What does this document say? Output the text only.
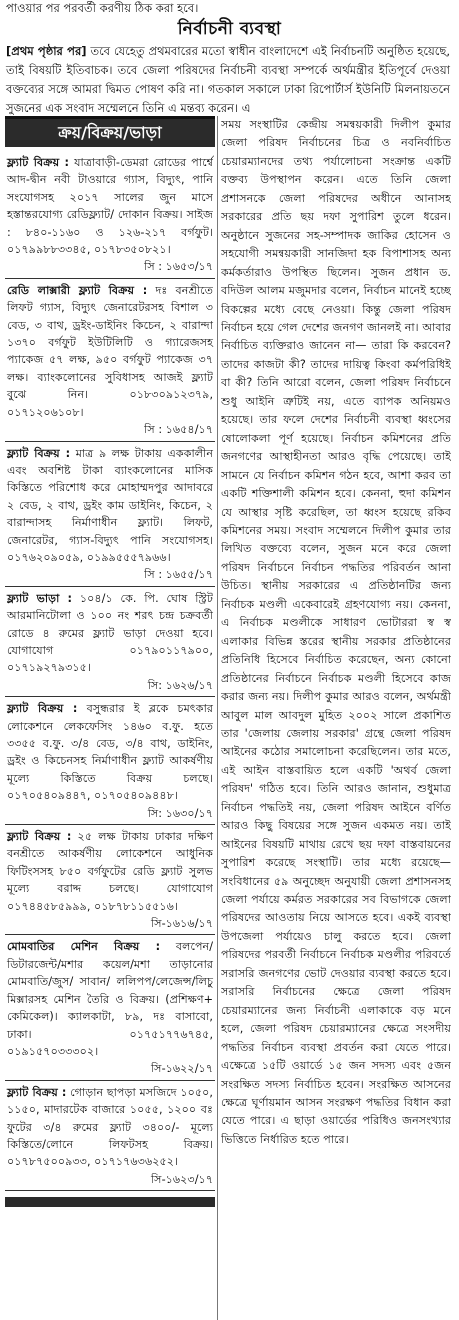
পাওয়ার পর পরবর্তী করণীয় ঠিক করা হবে।
নির্বাচনী ব্যবস্থা

[প্রথম পৃষ্ঠার পর] তবে যেহেতু প্রথমবারের মতো স্বাধীন বাংলাদেশে এই নির্বাচনটি অনুষ্ঠিত হয়েছে, তাই বিষয়টি ইতিবাচক। তবে জেলা পরিষদের নির্বাচনী ব্যবস্থা সম্পর্কে অর্থমন্ত্রীর ইতিপূর্বে দেওয়া বক্তব্যের সঙ্গে আমরা দ্বিমত পোষণ করি না। গতকাল সকালে ঢাকা রিপোর্টার্স ইউনিটি মিলনায়তনে সুজনের এক সংবাদ সম্মেলনে তিনি এ মন্তব্য করেন। এ

ক্রয়/বিক্রয়/ভাড়া
ফ্ল্যাট বিক্রয় : যাত্রাবাড়ী-ডেমরা রোডের পার্শ্বে আদ-দ্বীন নবী টাওয়ারে গ্যাস, বিদ্যুৎ, পানি সংযোগসহ ২০১৭ সালের জুন মাসে হস্তান্তরযোগ্য রেডিফ্ল্যাট/ দোকান বিক্রয়। সাইজ : ৮৪০-১১৬০ ও ১২৬-২১৭ বর্গফুট। ০১৭৯৯৮৮৩৩৪৫, ০১৭৮৩৫০৮২১।
সি : ১৬৫৩/১৭
রেডি লাক্সারী ফ্ল্যাট বিক্রয় : দঃ বনশ্রীতে লিফট গ্যাস, বিদ্যুৎ জেনারেটরসহ বিশাল ৩ বেড, ৩ বাথ, ড্রইং-ডাইনিং কিচেন, ২ বারান্দা ১৩৭০ বর্গফুট ইউটিলিটি ও গ্যারেজসহ প্যাকেজ ৫৭ লক্ষ, ৯৫০ বর্গফুট প্যাকেজ ৩৭ লক্ষ। ব্যাংকলোনের সুবিধাসহ আজই ফ্ল্যাট বুঝে নিন। ০১৮৩০৯১২৩৭৯, ০১৭১২০৬১০৮।
সি : ১৬৫৪/১৭
ফ্ল্যাট বিক্রয় : মাত্র ৯ লক্ষ টাকায় এককালীন এবং অবশিষ্ট টাকা ব্যাংকলোনের মাসিক কিস্তিতে পরিশোধ করে মোহাম্মদপুর আদাবরে ২ বেড, ২ বাথ, ড্রইং কাম ডাইনিং, কিচেন, ২ বারান্দাসহ নির্মাণাধীন ফ্ল্যাট। লিফট, জেনারেটর, গ্যাস-বিদ্যুৎ পানি সংযোগসহ। ০১৭৬২০৯০৫৯, ০১৯৯৫৫৫৭৯৬৬।
সি : ১৬৫৫/১৭
ফ্ল্যাট ভাড়া : ১০৪/১ কে. পি. ঘোষ স্ট্রিট আরমানিটোলা ও ১০০ নং শরৎ চন্দ্র চক্রবর্তী রোডে ৪ রুমের ফ্ল্যাট ভাড়া দেওয়া হবে। যোগাযোগ ০১৭৯০১১৭৯০০, ০১৭১৯২৭৯৩১৫।
সি: ১৬২৬/১৭
ফ্ল্যাট বিক্রয় : বসুন্ধরার ই ব্লকে চমৎকার লোকেশনে লেকফেসিং ১৪৬০ ব.ফু. হতে ৩৩৫৫ ব.ফু. ৩/৪ বেড, ৩/৪ বাথ, ডাইনিং, ড্রইং ও কিচেনসহ নির্মাণাধীন ফ্ল্যাট আকর্ষণীয় মূল্যে কিস্তিতে বিক্রয় চলছে। ০১৭০৫৪০৯৪৪৭, ০১৭০৫৪০৯৪৪৮।
সি: ১৬৩০/১৭
ফ্ল্যাট বিক্রয় : ২৫ লক্ষ টাকায় ঢাকার দক্ষিণ বনশ্রীতে আকর্ষণীয় লোকেশনে আধুনিক ফিটিংসসহ ৮৫০ বর্গফুটের রেডি ফ্ল্যাট সুলভ মূল্যে বরাদ্দ চলছে। যোগাযোগ ০১৭৪৪৫৮৫৯৯৯, ০১৮৭৮১১৫৫১৬।
সি-১৬১৬/১৭
মোমবাতির মেশিন বিক্রয় : বলপেন/ডিটারজেন্ট/মশার কয়েল/মশা তাড়ানোর মোমবাতি/জুস/ সাবান/ ললিপপ/লেজেন্স/লিচু মিক্সারসহ মেশিন তৈরি ও বিক্রয়। (প্রশিক্ষণ+ কেমিকেল)। ক্যালকাটা, ৮৯, দঃ বাসাবো, ঢাকা। ০১৭৫১৭৭৬৭৪৫, ০১৯১৫৭০৩৩৩০২।
সি-১৬২২/১৭
ফ্ল্যাট বিক্রয় : গোড়ান ছাপড়া মসজিদে ১০৫০, ১১৫০, মাদারটেক বাজারে ১০৫৫, ১২০০ বঃ ফুটের ৩/৪ রুমের ফ্ল্যাট ৩৪০০/- মূল্যে কিস্তিতে/লোনে লিফটসহ বিক্রয়। ০১৭৮৭৫০০৯৩৩, ০১৭১৭৬৩৬২৫২।
সি-১৬২৩/১৭
সময় সংস্থাটির কেন্দ্রীয় সমন্বয়কারী দিলীপ কুমার জেলা পরিষদ নির্বাচনের চিত্র ও নবনির্বাচিত চেয়ারম্যানদের তথ্য পর্যালোচনা সংক্রান্ত একটি বক্তব্য উপস্থাপন করেন। এতে তিনি জেলা প্রশাসনকে জেলা পরিষদের অধীনে আনাসহ সরকারের প্রতি ছয় দফা সুপারিশ তুলে ধরেন। অনুষ্ঠানে সুজনের সহ-সম্পাদক জাকির হোসেন ও সহযোগী সমন্বয়কারী সানজিদা হক বিপাশাসহ অন্য কর্মকর্তারাও উপস্থিত ছিলেন। সুজন প্রধান ড. বদিউল আলম মজুমদার বলেন, নির্বাচন মানেই হচ্ছে বিকল্পের মধ্যে বেছে নেওয়া। কিন্তু জেলা পরিষদ নির্বাচন হয়ে গেল দেশের জনগণ জানলই না। আবার নির্বাচিত ব্যক্তিরাও জানেন না— তারা কি করবেন? তাদের কাজটা কী? তাদের দায়িত্ব কিংবা কর্মপরিধিই বা কী? তিনি আরো বলেন, জেলা পরিষদ নির্বাচনে শুধু আইনি ত্রুটিই নয়, এতে ব্যাপক অনিয়মও হয়েছে। তার ফলে দেশের নির্বাচনী ব্যবস্থা ধ্বংসের ষোলোকলা পূর্ণ হয়েছে। নির্বাচন কমিশনের প্রতি জনগণের আস্থাহীনতা আরও বৃদ্ধি পেয়েছে। তাই সামনে যে নির্বাচন কমিশন গঠন হবে, আশা করব তা একটি শক্তিশালী কমিশন হবে। কেননা, হুদা কমিশন যে আস্থার সৃষ্টি করেছিল, তা ধ্বংস হয়েছে রকিব কমিশনের সময়। সংবাদ সম্মেলনে দিলীপ কুমার তার লিখিত বক্তব্যে বলেন, সুজন মনে করে জেলা পরিষদ নির্বাচনে নির্বাচন পদ্ধতির পরিবর্তন আনা উচিত। স্থানীয় সরকারের এ প্রতিষ্ঠানটির জন্য নির্বাচক মণ্ডলী একেবারেই গ্রহণযোগ্য নয়। কেননা, এ নির্বাচক মণ্ডলীকে সাধারণ ভোটাররা স্ব স্ব এলাকার বিভিন্ন স্তরের স্থানীয় সরকার প্রতিষ্ঠানের প্রতিনিধি হিসেবে নির্বাচিত করেছেন, অন্য কোনো প্রতিষ্ঠানের নির্বাচনে নির্বাচক মণ্ডলী হিসেবে কাজ করার জন্য নয়। দিলীপ কুমার আরও বলেন, অর্থমন্ত্রী আবুল মাল আবদুল মুহিত ২০০২ সালে প্রকাশিত তার 'জেলায় জেলায় সরকার' গ্রন্থে জেলা পরিষদ আইনের কঠোর সমালোচনা করেছিলেন। তার মতে, এই আইন বাস্তবায়িত হলে একটি 'অথর্ব জেলা পরিষদ' গঠিত হবে। তিনি আরও জানান, শুধুমাত্র নির্বাচন পদ্ধতিই নয়, জেলা পরিষদ আইনে বর্ণিত আরও কিছু বিষয়ের সঙ্গে সুজন একমত নয়। তাই আইনের বিষয়টি মাথায় রেখে ছয় দফা বাস্তবায়নের সুপারিশ করেছে সংস্থাটি। তার মধ্যে রয়েছে— সংবিধানের ৫৯ অনুচ্ছেদ অনুযায়ী জেলা প্রশাসনসহ জেলা পর্যায়ে কর্মরত সরকারের সব বিভাগকে জেলা পরিষদের আওতায় নিয়ে আসতে হবে। একই ব্যবস্থা উপজেলা পর্যায়েও চালু করতে হবে। জেলা পরিষদের পরবর্তী নির্বাচনে নির্বাচক মণ্ডলীর পরিবর্তে সরাসরি জনগণের ভোট দেওয়ার ব্যবস্থা করতে হবে। সরাসরি নির্বাচনের ক্ষেত্রে জেলা পরিষদ চেয়ারম্যানের জন্য নির্বাচনী এলাকাকে বড় মনে হলে, জেলা পরিষদ চেয়ারম্যানের ক্ষেত্রে সংসদীয় পদ্ধতির নির্বাচন ব্যবস্থা প্রবর্তন করা যেতে পারে। এক্ষেত্রে ১৫টি ওয়ার্ডে ১৫ জন সদস্য এবং ৫জন সংরক্ষিত সদস্য নির্বাচিত হবেন। সংরক্ষিত আসনের ক্ষেত্রে ঘূর্ণায়মান আসন সংরক্ষণ পদ্ধতির বিধান করা যেতে পারে। এ ছাড়া ওয়ার্ডের পরিধিও জনসংখ্যার ভিত্তিতে নির্ধারিত হতে পারে।
